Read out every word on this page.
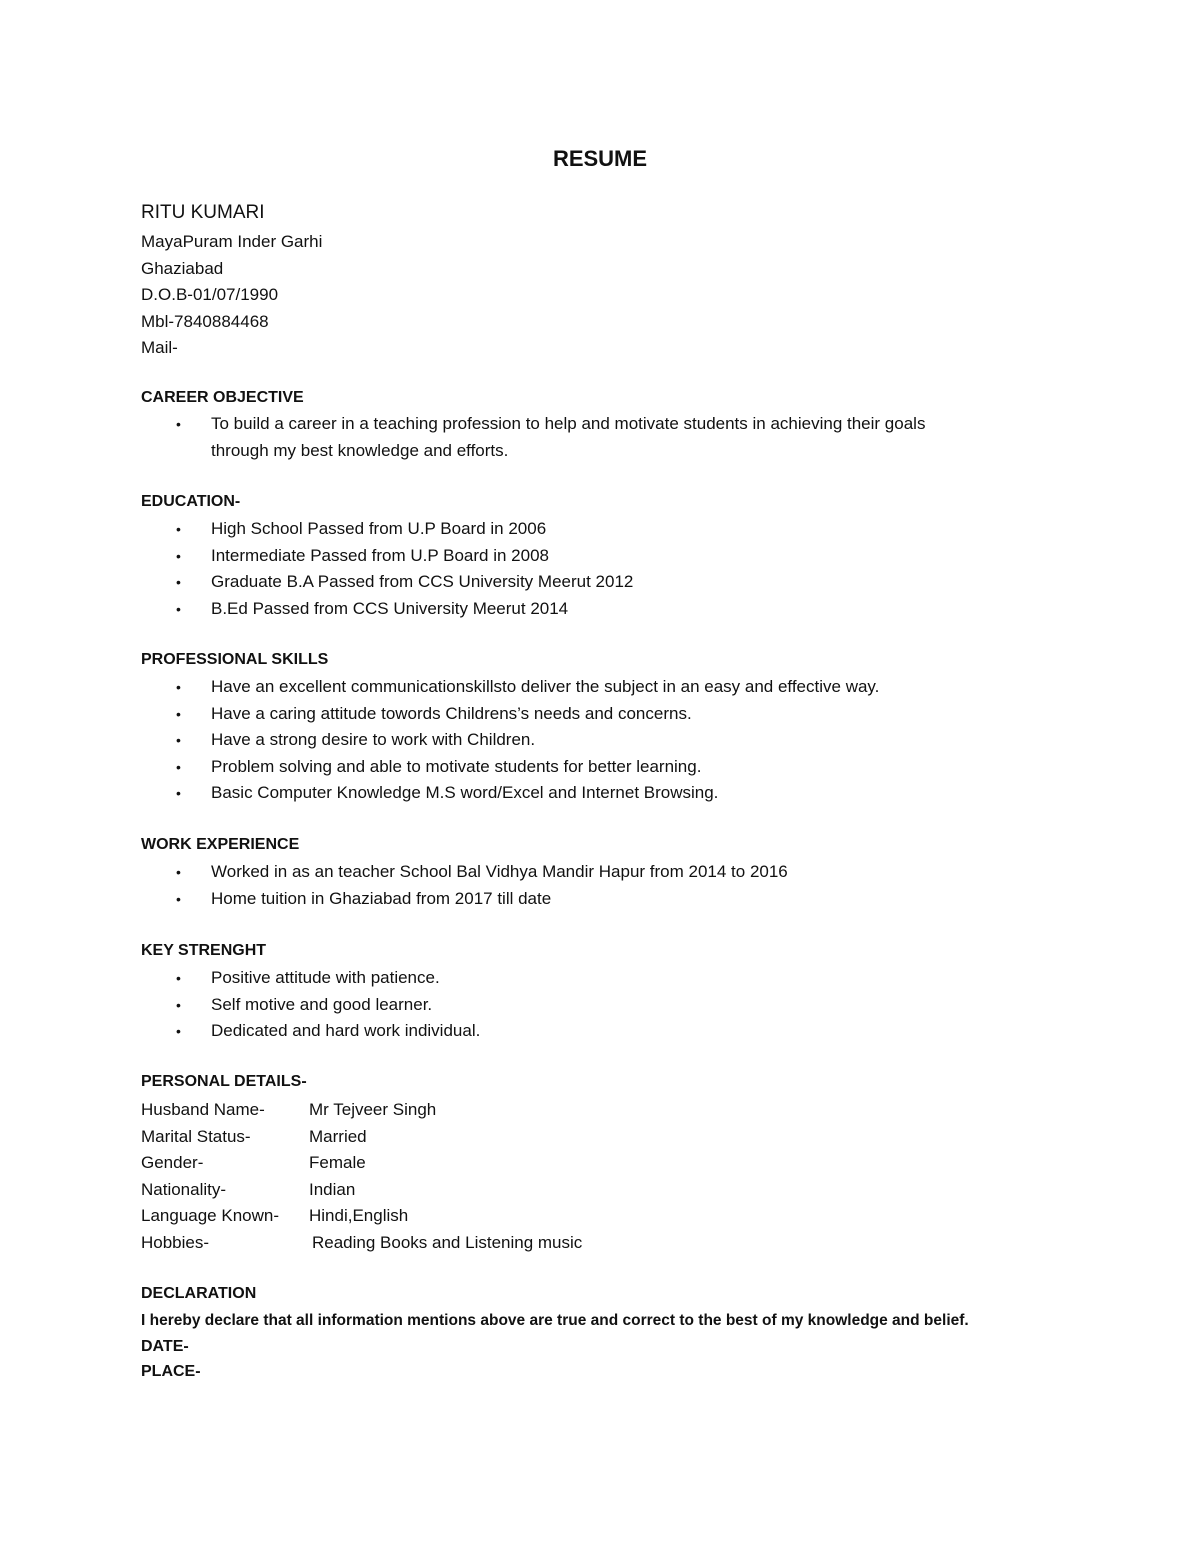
RESUME
RITU KUMARI
MayaPuram Inder Garhi
Ghaziabad
D.O.B-01/07/1990
Mbl-7840884468
Mail-
CAREER OBJECTIVE
• To build a career in a teaching profession to help and motivate students in achieving their goals
through my best knowledge and efforts.
EDUCATION-
• High School Passed from U.P Board in 2006
• Intermediate Passed from U.P Board in 2008
• Graduate B.A Passed from CCS University Meerut 2012
• B.Ed Passed from CCS University Meerut 2014
PROFESSIONAL SKILLS
• Have an excellent communicationskillsto deliver the subject in an easy and effective way.
• Have a caring attitude towords Childrens’s needs and concerns.
• Have a strong desire to work with Children.
• Problem solving and able to motivate students for better learning.
• Basic Computer Knowledge M.S word/Excel and Internet Browsing.
WORK EXPERIENCE
• Worked in as an teacher School Bal Vidhya Mandir Hapur from 2014 to 2016
• Home tuition in Ghaziabad from 2017 till date
KEY STRENGHT
• Positive attitude with patience.
• Self motive and good learner.
• Dedicated and hard work individual.
PERSONAL DETAILS-
Husband Name-	Mr Tejveer Singh
Marital Status-	Married
Gender-	Female
Nationality-	Indian
Language Known- Hindi,English
Hobbies-	Reading Books and Listening music
DECLARATION
I hereby declare that all information mentions above are true and correct to the best of my knowledge and belief.
DATE-
PLACE-
